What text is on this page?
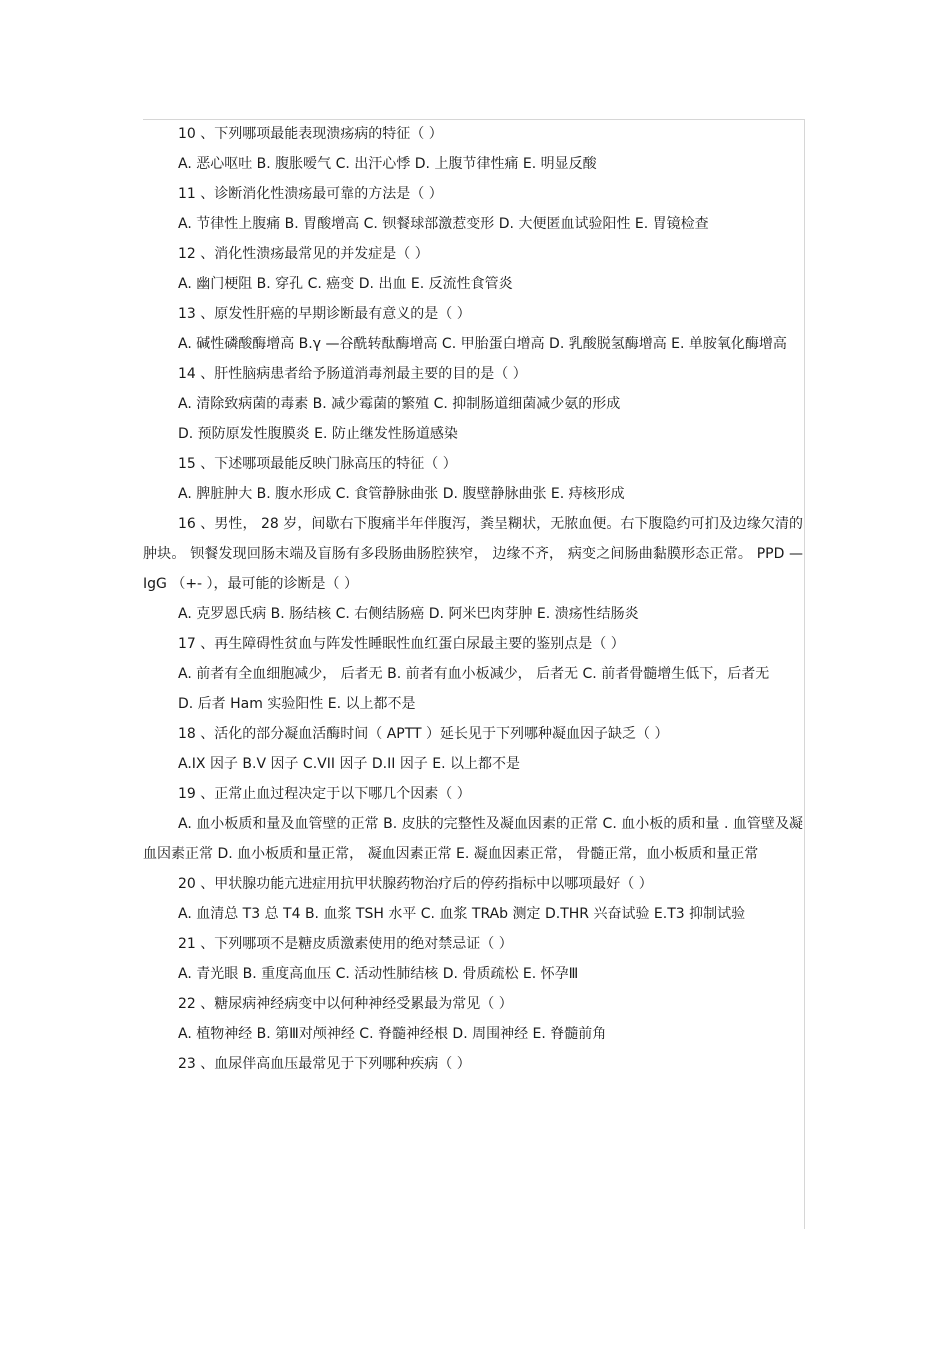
10 、下列哪项最能表现溃疡病的特征（ ）
A. 恶心呕吐 B. 腹胀嗳气 C. 出汗心悸 D. 上腹节律性痛 E. 明显反酸
11 、诊断消化性溃疡最可靠的方法是（ ）
A. 节律性上腹痛 B. 胃酸增高 C. 钡餐球部激惹变形 D. 大便匿血试验阳性 E. 胃镜检查
12 、消化性溃疡最常见的并发症是（ ）
A. 幽门梗阻 B. 穿孔 C. 癌变 D. 出血 E. 反流性食管炎
13 、原发性肝癌的早期诊断最有意义的是（ ）
A. 碱性磷酸酶增高 B.γ —谷酰转酞酶增高 C. 甲胎蛋白增高 D. 乳酸脱氢酶增高 E. 单胺氧化酶增高
14 、肝性脑病患者给予肠道消毒剂最主要的目的是（ ）
A. 清除致病菌的毒素 B. 减少霉菌的繁殖 C. 抑制肠道细菌减少氨的形成
D. 预防原发性腹膜炎 E. 防止继发性肠道感染
15 、下述哪项最能反映门脉高压的特征（ ）
A. 脾脏肿大 B. 腹水形成 C. 食管静脉曲张 D. 腹壁静脉曲张 E. 痔核形成
16 、男性， 28 岁，间歇右下腹痛半年伴腹泻，粪呈糊状，无脓血便。右下腹隐约可扪及边缘欠清的肿块。 钡餐发现回肠末端及盲肠有多段肠曲肠腔狭窄， 边缘不齐， 病变之间肠曲黏膜形态正常。 PPD — IgG （+- ），最可能的诊断是（ ）
A. 克罗恩氏病 B. 肠结核 C. 右侧结肠癌 D. 阿米巴肉芽肿 E. 溃疡性结肠炎
17 、再生障碍性贫血与阵发性睡眠性血红蛋白尿最主要的鉴别点是（ ）
A. 前者有全血细胞减少， 后者无 B. 前者有血小板减少， 后者无 C. 前者骨髓增生低下，后者无
D. 后者 Ham 实验阳性 E. 以上都不是
18 、活化的部分凝血活酶时间（ APTT ）延长见于下列哪种凝血因子缺乏（ ）
A.IX 因子 B.V 因子 C.VII 因子 D.II 因子 E. 以上都不是
19 、正常止血过程决定于以下哪几个因素（ ）
A. 血小板质和量及血管壁的正常 B. 皮肤的完整性及凝血因素的正常 C. 血小板的质和量 . 血管壁及凝血因素正常 D. 血小板质和量正常， 凝血因素正常 E. 凝血因素正常， 骨髓正常，血小板质和量正常
20 、甲状腺功能亢进症用抗甲状腺药物治疗后的停药指标中以哪项最好（ ）
A. 血清总 T3 总 T4 B. 血浆 TSH 水平 C. 血浆 TRAb 测定 D.THR 兴奋试验 E.T3 抑制试验
21 、下列哪项不是糖皮质激素使用的绝对禁忌证（ ）
A. 青光眼 B. 重度高血压 C. 活动性肺结核 D. 骨质疏松 E. 怀孕Ⅲ
22 、糖尿病神经病变中以何种神经受累最为常见（ ）
A. 植物神经 B. 第Ⅲ对颅神经 C. 脊髓神经根 D. 周围神经 E. 脊髓前角
23 、血尿伴高血压最常见于下列哪种疾病（ ）
